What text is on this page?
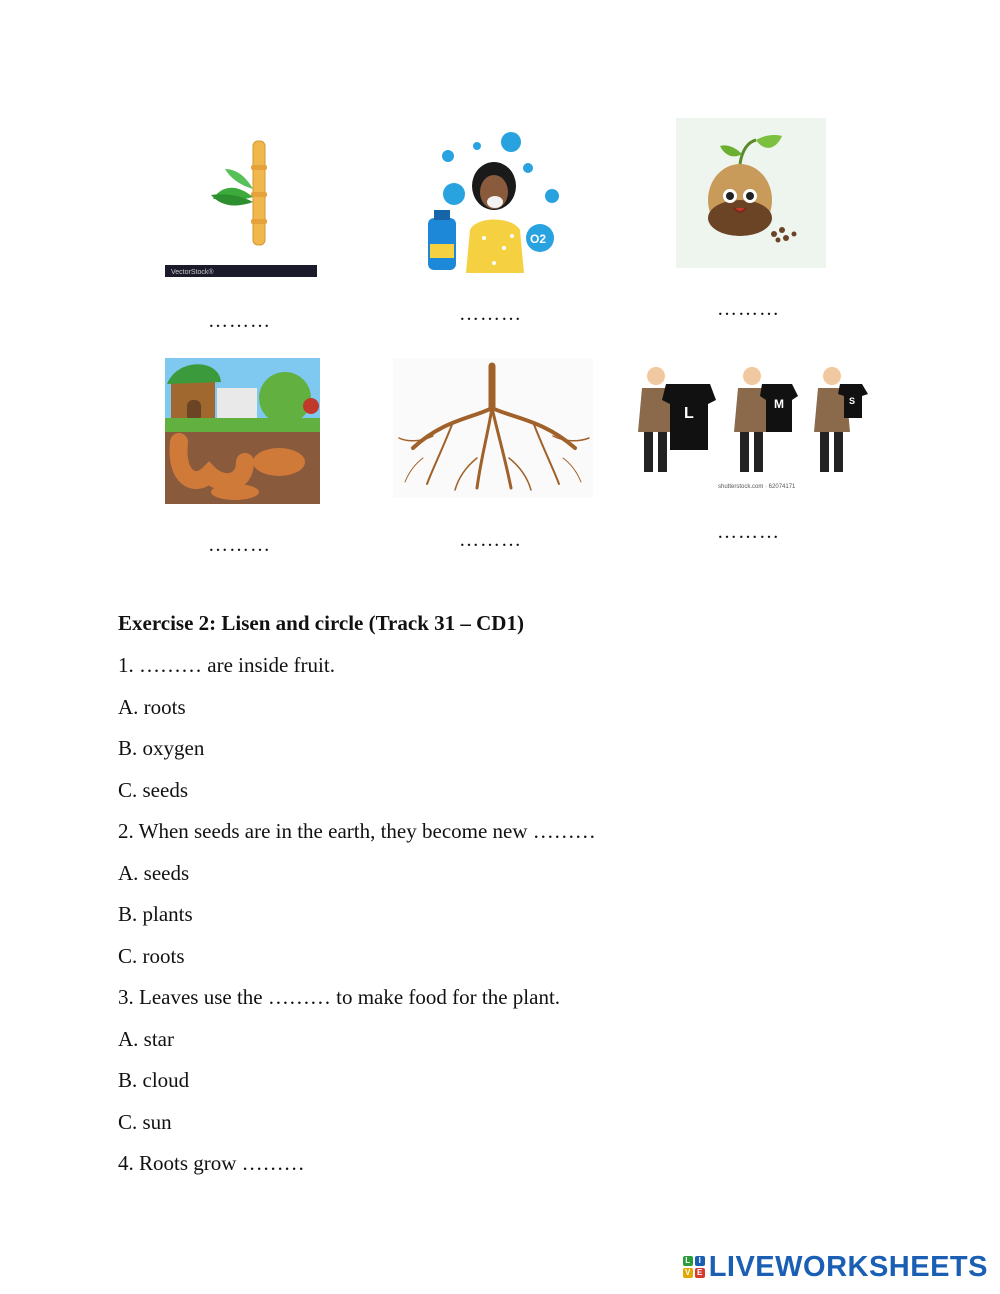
VectorStock®
O2
………	………	………
L
M	S
shutterstock.com · 62074171
………	………	………
Exercise 2: Lisen and circle (Track 31 – CD1)
1. ……… are inside fruit.
A. roots
B. oxygen
C. seeds
2. When seeds are in the earth, they become new ………
A. seeds
B. plants
C. roots
3. Leaves use the ……… to make food for the plant.
A. star
B. cloud
C. sun
4. Roots grow ………
L	I
V E LIVEWORKSHEETS
